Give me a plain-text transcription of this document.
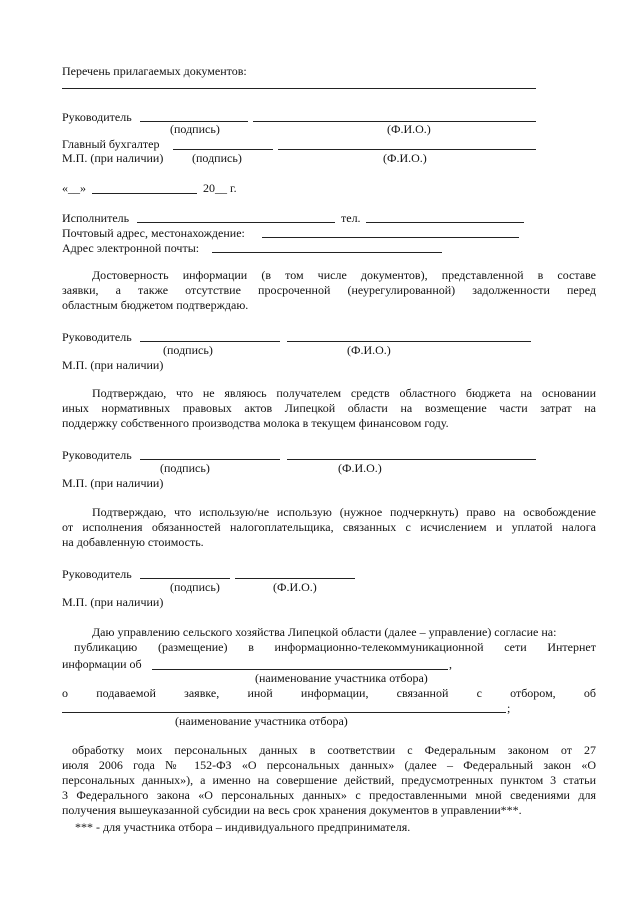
Перечень прилагаемых документов:
Руководитель
(подпись)	(Ф.И.О.)
Главный бухгалтер
М.П. (при наличии) (подпись)	(Ф.И.О.)
«__»	20__ г.
Исполнитель	тел.
Почтовый адрес, местонахождение:
Адрес электронной почты:
Достоверность информации (в том числе документов), представленной в составе
заявки, а также отсутствие просроченной (неурегулированной) задолженности перед
областным бюджетом подтверждаю.
Руководитель
(подпись)	(Ф.И.О.)
М.П. (при наличии)
Подтверждаю, что не являюсь получателем средств областного бюджета на основании
иных нормативных правовых актов Липецкой области на возмещение части затрат на
поддержку собственного производства молока в текущем финансовом году.
Руководитель
(подпись)	(Ф.И.О.)
М.П. (при наличии)
Подтверждаю, что использую/не использую (нужное подчеркнуть) право на освобождение
от исполнения обязанностей налогоплательщика, связанных с исчислением и уплатой налога
на добавленную стоимость.
Руководитель
(подпись)	(Ф.И.О.)
М.П. (при наличии)
Даю управлению сельского хозяйства Липецкой области (далее – управление) согласие на:
публикацию (размещение) в информационно-телекоммуникационной сети Интернет
информации об	,
(наименование участника отбора)
о подаваемой заявке, иной информации, связанной с отбором, об
;
(наименование участника отбора)
обработку моих персональных данных в соответствии с Федеральным законом от 27
июля 2006 года № 152-ФЗ «О персональных данных» (далее – Федеральный закон «О
персональных данных»), а именно на совершение действий, предусмотренных пунктом 3 статьи
3 Федерального закона «О персональных данных» с предоставленными мной сведениями для
получения вышеуказанной субсидии на весь срок хранения документов в управлении***.
*** - для участника отбора – индивидуального предпринимателя.
